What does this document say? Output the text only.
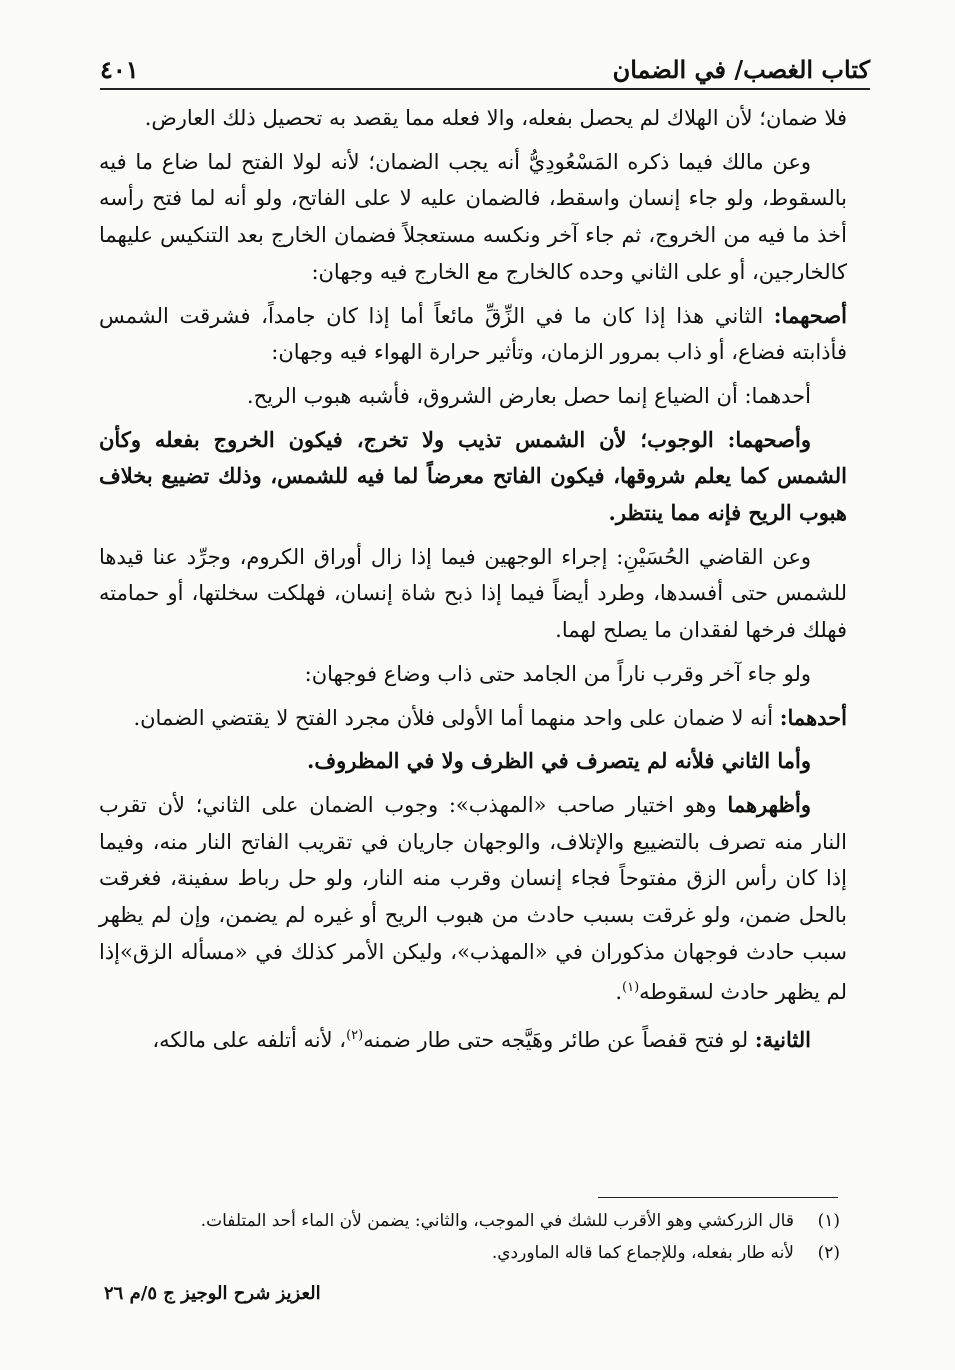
كتاب الغصب/ في الضمان
٤٠١

فلا ضمان؛ لأن الهلاك لم يحصل بفعله، والا فعله مما يقصد به تحصيل ذلك العارض.

وعن مالك فيما ذكره المَسْعُودِيُّ أنه يجب الضمان؛ لأنه لولا الفتح لما ضاع ما فيه بالسقوط، ولو جاء إنسان واسقط، فالضمان عليه لا على الفاتح، ولو أنه لما فتح رأسه أخذ ما فيه من الخروج، ثم جاء آخر ونكسه مستعجلاً فضمان الخارج بعد التنكيس عليهما كالخارجين، أو على الثاني وحده كالخارج مع الخارج فيه وجهان:

أصحهما: الثاني هذا إذا كان ما في الزِّقِّ مائعاً أما إذا كان جامداً، فشرقت الشمس فأذابته فضاع، أو ذاب بمرور الزمان، وتأثير حرارة الهواء فيه وجهان:

أحدهما: أن الضياع إنما حصل بعارض الشروق، فأشبه هبوب الريح.

وأصحهما: الوجوب؛ لأن الشمس تذيب ولا تخرج، فيكون الخروج بفعله وكأن الشمس كما يعلم شروقها، فيكون الفاتح معرضاً لما فيه للشمس، وذلك تضييع بخلاف هبوب الريح فإنه مما ينتظر.

وعن القاضي الحُسَيْنِ: إجراء الوجهين فيما إذا زال أوراق الكروم، وجرِّد عنا قيدها للشمس حتى أفسدها، وطرد أيضاً فيما إذا ذبح شاة إنسان، فهلكت سخلتها، أو حمامته فهلك فرخها لفقدان ما يصلح لهما.

ولو جاء آخر وقرب ناراً من الجامد حتى ذاب وضاع فوجهان:

أحدهما: أنه لا ضمان على واحد منهما أما الأولى فلأن مجرد الفتح لا يقتضي الضمان.

وأما الثاني فلأنه لم يتصرف في الظرف ولا في المظروف.

وأظهرهما وهو اختيار صاحب «المهذب»: وجوب الضمان على الثاني؛ لأن تقرب النار منه تصرف بالتضييع والإتلاف، والوجهان جاريان في تقريب الفاتح النار منه، وفيما إذا كان رأس الزق مفتوحاً فجاء إنسان وقرب منه النار، ولو حل رباط سفينة، فغرقت بالحل ضمن، ولو غرقت بسبب حادث من هبوب الريح أو غيره لم يضمن، وإن لم يظهر سبب حادث فوجهان مذكوران في «المهذب»، وليكن الأمر كذلك في «مسأله الزق»إذا لم يظهر حادث لسقوطه$^{(١)}$.

الثانية: لو فتح قفصاً عن طائر وهَيَّجه حتى طار ضمنه$^{(٢)}$، لأنه أتلفه على مالكه،

(١)
قال الزركشي وهو الأقرب للشك في الموجب، والثاني: يضمن لأن الماء أحد المتلفات.
(٢)
لأنه طار بفعله، وللإجماع كما قاله الماوردي.
العزيز شرح الوجيز ج ٥/م ٢٦
